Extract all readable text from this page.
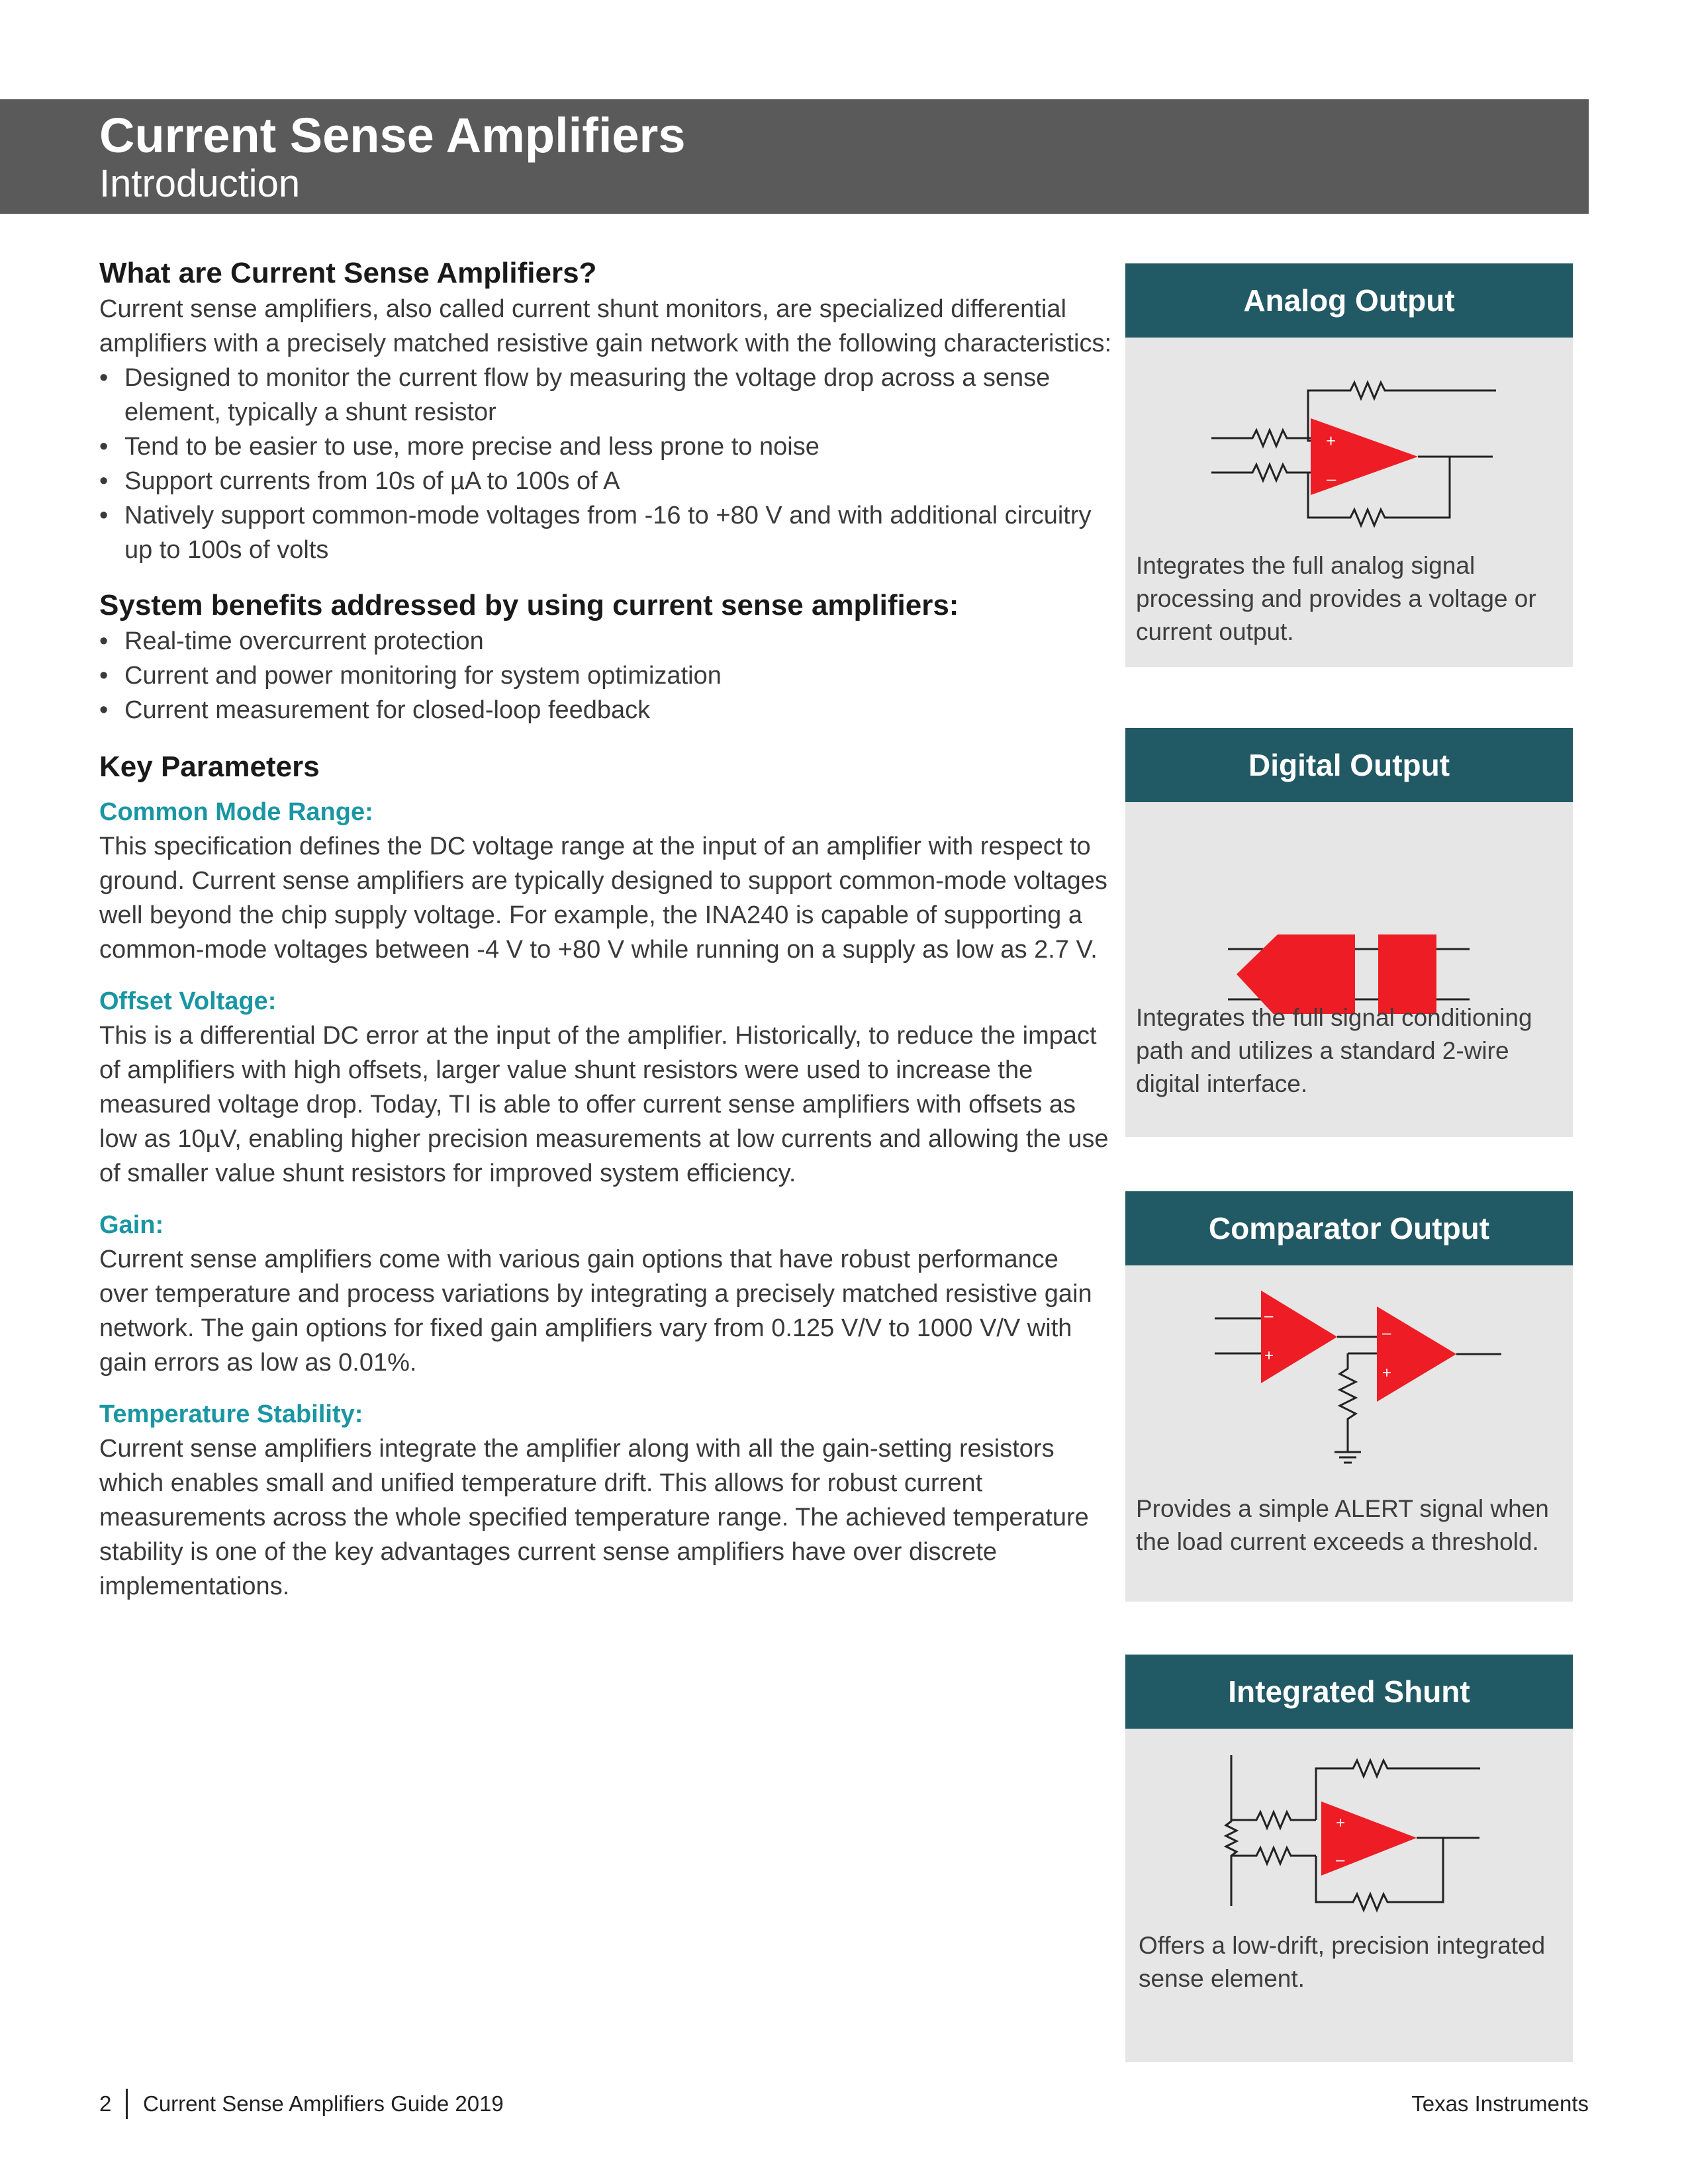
Current Sense Amplifiers
Introduction
What are Current Sense Amplifiers?

Current sense amplifiers, also called current shunt monitors, are specialized differential amplifiers with a precisely matched resistive gain network with the following characteristics:

• Designed to monitor the current flow by measuring the voltage drop across a sense element, typically a shunt resistor
• Tend to be easier to use, more precise and less prone to noise
• Support currents from 10s of µA to 100s of A
• Natively support common-mode voltages from -16 to +80 V and with additional circuitry up to 100s of volts
System benefits addressed by using current sense amplifiers:
• Real-time overcurrent protection
• Current and power monitoring for system optimization
• Current measurement for closed-loop feedback
Key Parameters
Common Mode Range:

This specification defines the DC voltage range at the input of an amplifier with respect to ground. Current sense amplifiers are typically designed to support common-mode voltages well beyond the chip supply voltage. For example, the INA240 is capable of supporting a common-mode voltages between -4 V to +80 V while running on a supply as low as 2.7 V.

Offset Voltage:

This is a differential DC error at the input of the amplifier. Historically, to reduce the impact of amplifiers with high offsets, larger value shunt resistors were used to increase the measured voltage drop. Today, TI is able to offer current sense amplifiers with offsets as low as 10µV, enabling higher precision measurements at low currents and allowing the use of smaller value shunt resistors for improved system efficiency.

Gain:

Current sense amplifiers come with various gain options that have robust performance over temperature and process variations by integrating a precisely matched resistive gain network. The gain options for fixed gain amplifiers vary from 0.125 V/V to 1000 V/V with gain errors as low as 0.01%.

Temperature Stability:

Current sense amplifiers integrate the amplifier along with all the gain-setting resistors which enables small and unified temperature drift. This allows for robust current measurements across the whole specified temperature range. The achieved temperature stability is one of the key advantages current sense amplifiers have over discrete implementations.

Analog Output
+
–
Integrates the full analog signal processing and provides a voltage or current output.
Digital Output
Integrates the full signal conditioning path and utilizes a standard 2-wire digital interface.
Comparator Output
–
+
–
+
Provides a simple ALERT signal when the load current exceeds a threshold.
Integrated Shunt
+
–
Offers a low-drift, precision integrated sense element.
2 Current Sense Amplifiers Guide 2019	Texas Instruments
